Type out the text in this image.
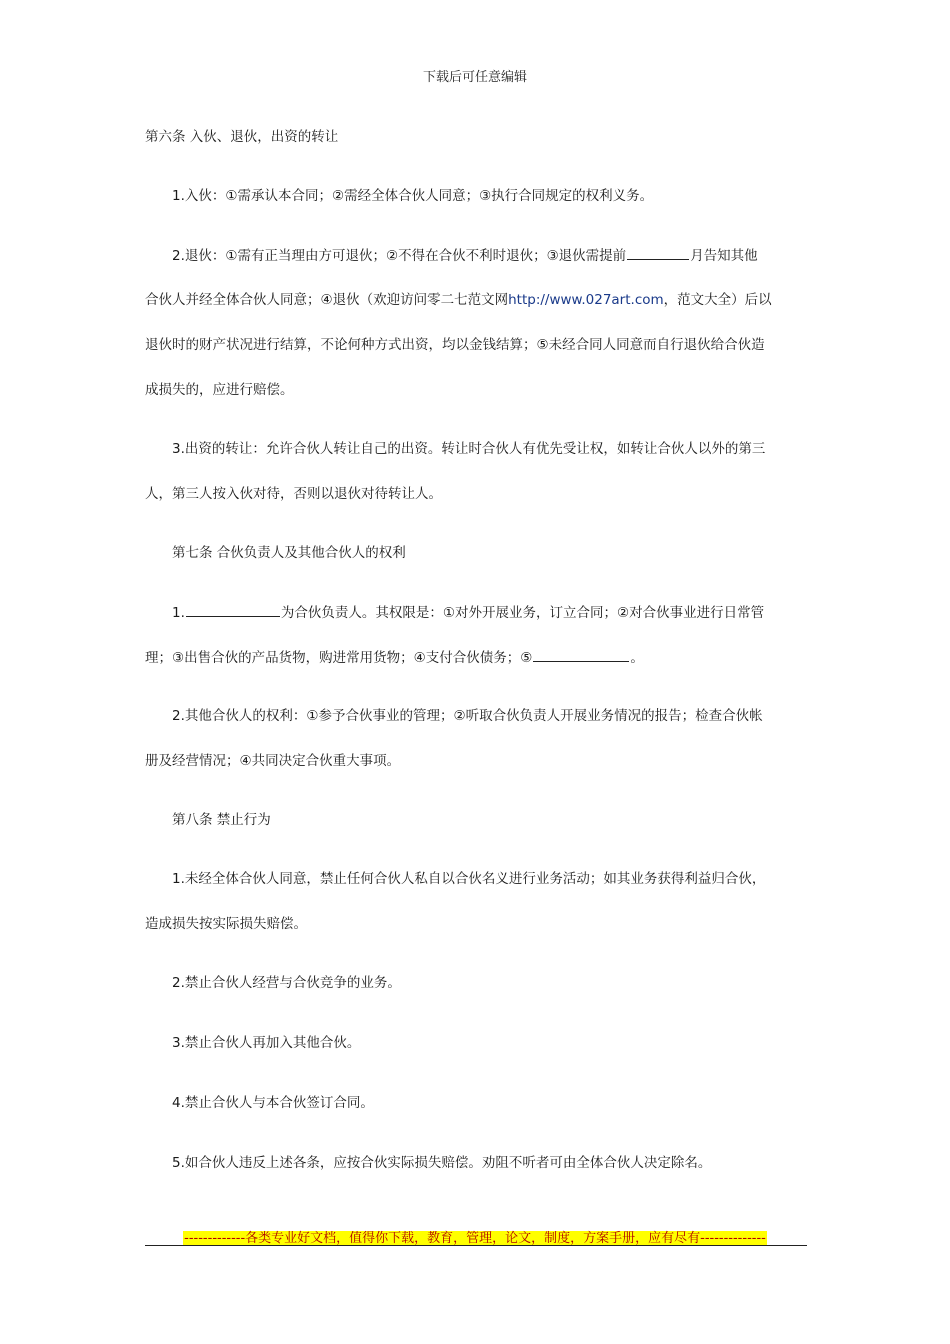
下载后可任意编辑
第六条 入伙、退伙，出资的转让
1.入伙：①需承认本合同；②需经全体合伙人同意；③执行合同规定的权利义务。
2.退伙：①需有正当理由方可退伙；②不得在合伙不利时退伙；③退伙需提前	月告知其他
合伙人并经全体合伙人同意；④退伙（欢迎访问零二七范文网http://www.027art.com，范文大全）后以
退伙时的财产状况进行结算，不论何种方式出资，均以金钱结算；⑤未经合同人同意而自行退伙给合伙造
成损失的，应进行赔偿。
3.出资的转让：允许合伙人转让自己的出资。转让时合伙人有优先受让权，如转让合伙人以外的第三
人，第三人按入伙对待，否则以退伙对待转让人。
第七条 合伙负责人及其他合伙人的权利
1.	为合伙负责人。其权限是：①对外开展业务，订立合同；②对合伙事业进行日常管
理；③出售合伙的产品货物，购进常用货物；④支付合伙债务；⑤	。
2.其他合伙人的权利：①参予合伙事业的管理；②听取合伙负责人开展业务情况的报告；检查合伙帐
册及经营情况；④共同决定合伙重大事项。
第八条 禁止行为
1.未经全体合伙人同意，禁止任何合伙人私自以合伙名义进行业务活动；如其业务获得利益归合伙，
造成损失按实际损失赔偿。
2.禁止合伙人经营与合伙竞争的业务。
3.禁止合伙人再加入其他合伙。
4.禁止合伙人与本合伙签订合同。
5.如合伙人违反上述各条，应按合伙实际损失赔偿。劝阻不听者可由全体合伙人决定除名。
-------------各类专业好文档，值得你下载，教育，管理，论文，制度，方案手册，应有尽有--------------
